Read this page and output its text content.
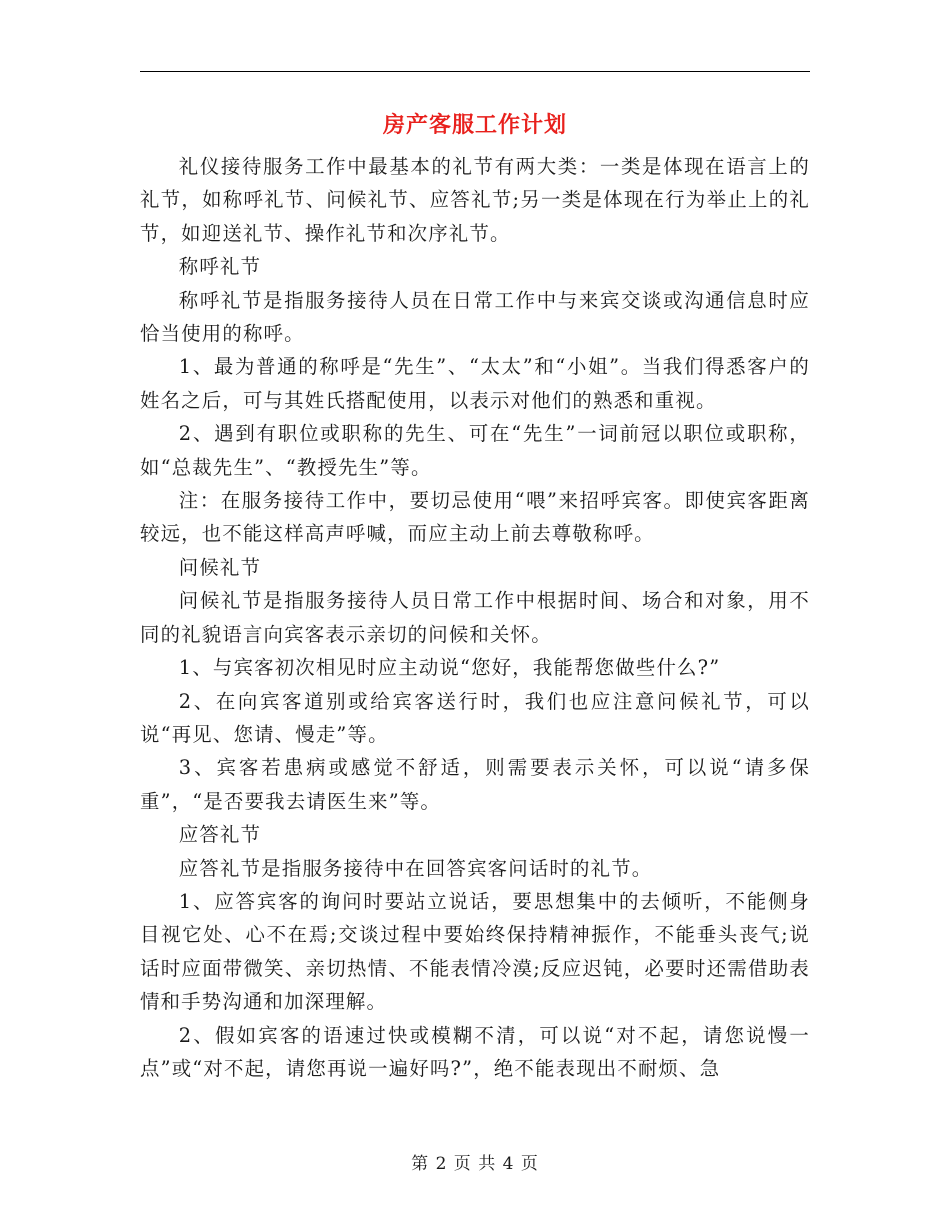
房产客服工作计划

礼仪接待服务工作中最基本的礼节有两大类：一类是体现在语言上的礼节，如称呼礼节、问候礼节、应答礼节;另一类是体现在行为举止上的礼节，如迎送礼节、操作礼节和次序礼节。

称呼礼节

称呼礼节是指服务接待人员在日常工作中与来宾交谈或沟通信息时应恰当使用的称呼。

1、最为普通的称呼是“先生”、“太太”和“小姐”。当我们得悉客户的姓名之后，可与其姓氏搭配使用，以表示对他们的熟悉和重视。

2、遇到有职位或职称的先生、可在“先生”一词前冠以职位或职称，如“总裁先生”、“教授先生”等。

注：在服务接待工作中，要切忌使用“喂”来招呼宾客。即使宾客距离较远，也不能这样高声呼喊，而应主动上前去尊敬称呼。

问候礼节

问候礼节是指服务接待人员日常工作中根据时间、场合和对象，用不同的礼貌语言向宾客表示亲切的问候和关怀。

1、与宾客初次相见时应主动说“您好，我能帮您做些什么?”

2、在向宾客道别或给宾客送行时，我们也应注意问候礼节，可以说“再见、您请、慢走”等。

3、宾客若患病或感觉不舒适，则需要表示关怀，可以说“请多保重”，“是否要我去请医生来”等。

应答礼节

应答礼节是指服务接待中在回答宾客问话时的礼节。

1、应答宾客的询问时要站立说话，要思想集中的去倾听，不能侧身目视它处、心不在焉;交谈过程中要始终保持精神振作，不能垂头丧气;说话时应面带微笑、亲切热情、不能表情冷漠;反应迟钝，必要时还需借助表情和手势沟通和加深理解。

2、假如宾客的语速过快或模糊不清，可以说“对不起，请您说慢一点”或“对不起，请您再说一遍好吗?”，绝不能表现出不耐烦、急

第 2 页 共 4 页
